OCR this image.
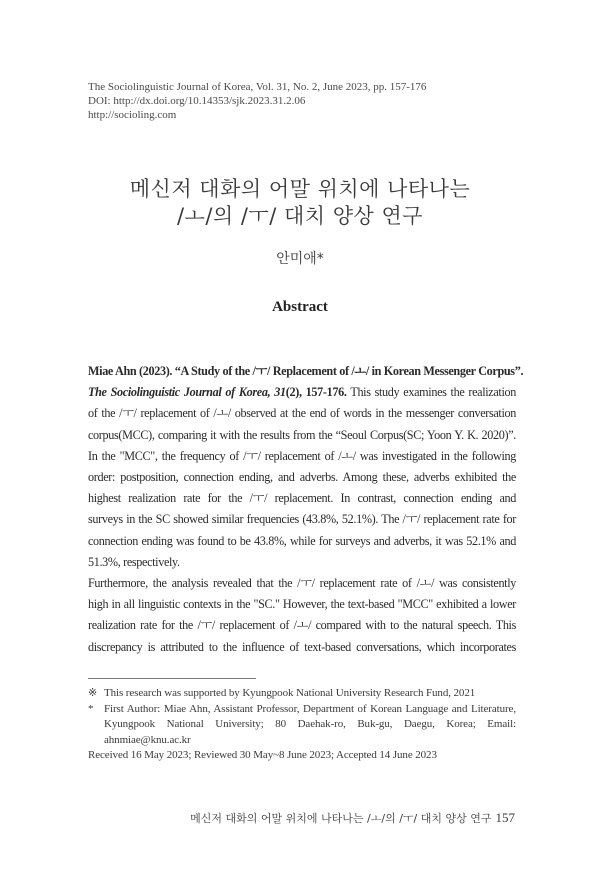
The Sociolinguistic Journal of Korea, Vol. 31, No. 2, June 2023, pp. 157-176
DOI: http://dx.doi.org/10.14353/sjk.2023.31.2.06
http://socioling.com
메신저 대화의 어말 위치에 나타나는
/ㅗ/의 /ㅜ/ 대치 양상 연구
안미애*
Abstract
Miae Ahn (2023). “A Study of the /ㅜ/ Replacement of /ㅗ/ in Korean Messenger Corpus”.
The Sociolinguistic Journal of Korea, 31(2), 157-176. This study examines the realization
of the /ㅜ/ replacement of /ㅗ/ observed at the end of words in the messenger conversation
corpus(MCC), comparing it with the results from the “Seoul Corpus(SC; Yoon Y. K. 2020)”.
In the "MCC", the frequency of /ㅜ/ replacement of /ㅗ/ was investigated in the following
order: postposition, connection ending, and adverbs. Among these, adverbs exhibited the
highest realization rate for the /ㅜ/ replacement. In contrast, connection ending and
surveys in the SC showed similar frequencies (43.8%, 52.1%). The /ㅜ/ replacement rate for
connection ending was found to be 43.8%, while for surveys and adverbs, it was 52.1% and
51.3%, respectively.
Furthermore, the analysis revealed that the /ㅜ/ replacement rate of /ㅗ/ was consistently
high in all linguistic contexts in the "SC." However, the text-based "MCC" exhibited a lower
realization rate for the /ㅜ/ replacement of /ㅗ/ compared with to the natural speech. This
discrepancy is attributed to the influence of text-based conversations, which incorporates
※ This research was supported by Kyungpook National University Research Fund, 2021
* First Author: Miae Ahn, Assistant Professor, Department of Korean Language and Literature,
Kyungpook National University; 80 Daehak-ro, Buk-gu, Daegu, Korea; Email:
ahnmiae@knu.ac.kr
Received 16 May 2023; Reviewed 30 May~8 June 2023; Accepted 14 June 2023
메신저 대화의 어말 위치에 나타나는 /ㅗ/의 /ㅜ/ 대치 양상 연구 157
